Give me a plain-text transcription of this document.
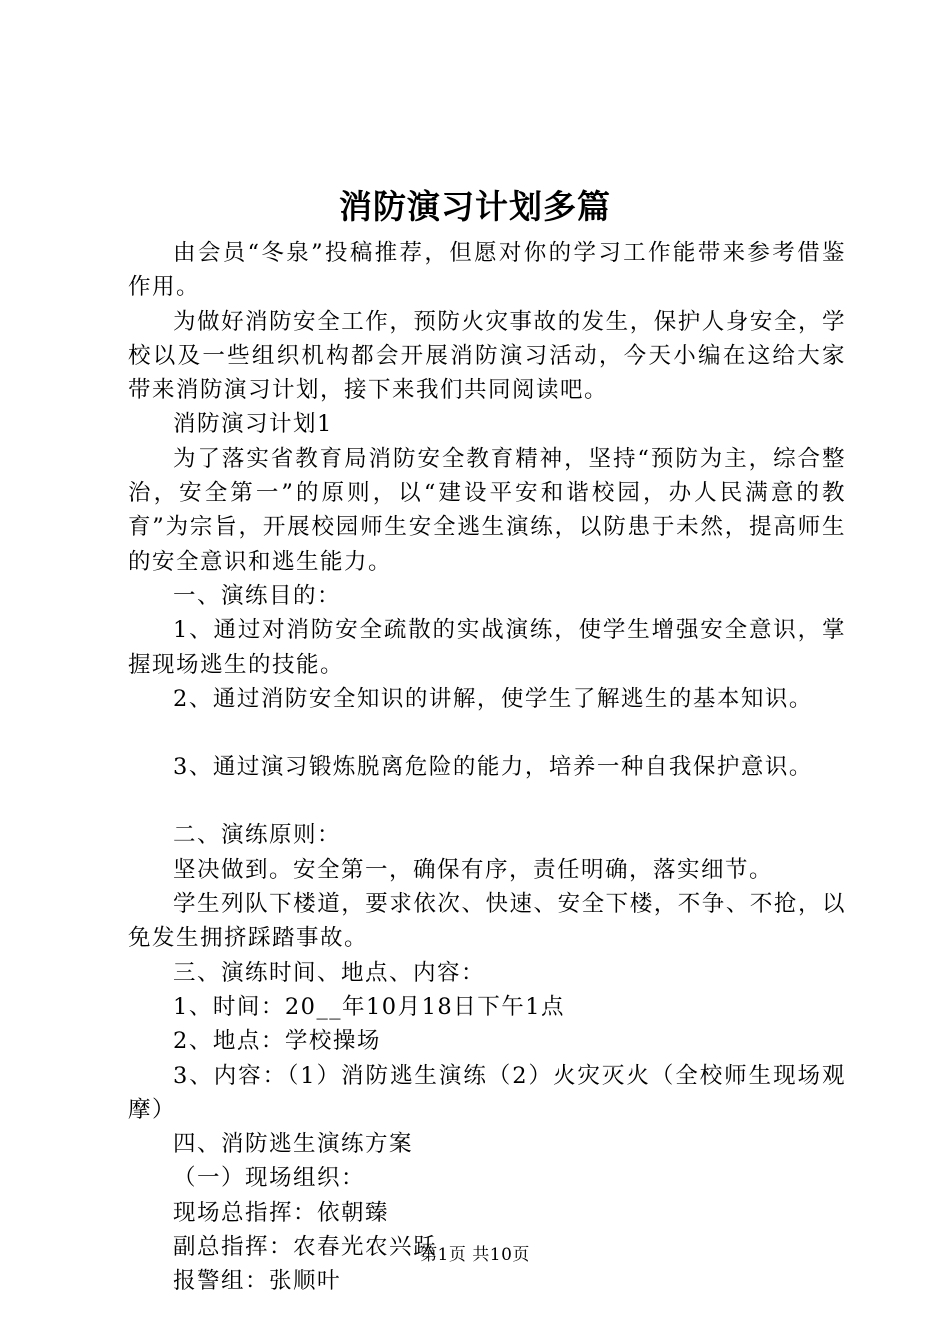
消防演习计划多篇

由会员“冬泉”投稿推荐，但愿对你的学习工作能带来参考借鉴作用。

为做好消防安全工作，预防火灾事故的发生，保护人身安全，学校以及一些组织机构都会开展消防演习活动，今天小编在这给大家带来消防演习计划，接下来我们共同阅读吧。

消防演习计划1

为了落实省教育局消防安全教育精神，坚持“预防为主，综合整治，安全第一”的原则，以“建设平安和谐校园，办人民满意的教育”为宗旨，开展校园师生安全逃生演练，以防患于未然，提高师生的安全意识和逃生能力。

一、演练目的：

1、通过对消防安全疏散的实战演练，使学生增强安全意识，掌握现场逃生的技能。

2、通过消防安全知识的讲解，使学生了解逃生的基本知识。

3、通过演习锻炼脱离危险的能力，培养一种自我保护意识。

二、演练原则：

坚决做到。安全第一，确保有序，责任明确，落实细节。

学生列队下楼道，要求依次、快速、安全下楼，不争、不抢，以免发生拥挤踩踏事故。

三、演练时间、地点、内容：

1、时间：20__年10月18日下午1点

2、地点：学校操场

3、内容：（1）消防逃生演练（2）火灾灭火（全校师生现场观摩）

四、消防逃生演练方案

（一）现场组织：

现场总指挥：依朝臻

副总指挥：农春光农兴跃

报警组：张顺叶

第1页 共10页
